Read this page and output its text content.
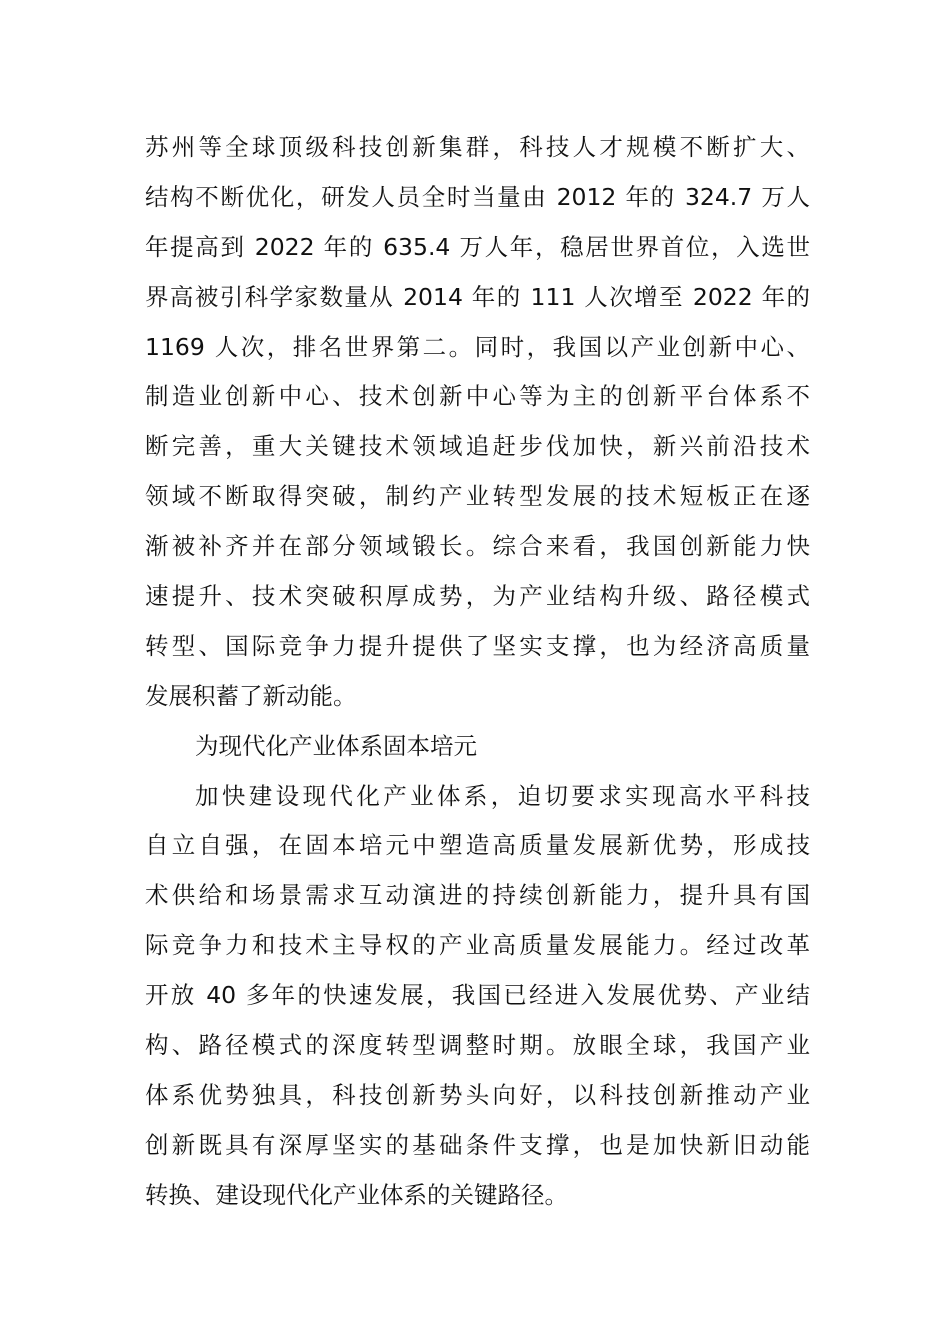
苏州等全球顶级科技创新集群，科技人才规模不断扩大、
结构不断优化，研发人员全时当量由 2012 年的 324.7 万人
年提高到 2022 年的 635.4 万人年，稳居世界首位，入选世
界高被引科学家数量从 2014 年的 111 人次增至 2022 年的
1169 人次，排名世界第二。同时，我国以产业创新中心、
制造业创新中心、技术创新中心等为主的创新平台体系不
断完善，重大关键技术领域追赶步伐加快，新兴前沿技术
领域不断取得突破，制约产业转型发展的技术短板正在逐
渐被补齐并在部分领域锻长。综合来看，我国创新能力快
速提升、技术突破积厚成势，为产业结构升级、路径模式
转型、国际竞争力提升提供了坚实支撑，也为经济高质量
发展积蓄了新动能。
为现代化产业体系固本培元
加快建设现代化产业体系，迫切要求实现高水平科技
自立自强，在固本培元中塑造高质量发展新优势，形成技
术供给和场景需求互动演进的持续创新能力，提升具有国
际竞争力和技术主导权的产业高质量发展能力。经过改革
开放 40 多年的快速发展，我国已经进入发展优势、产业结
构、路径模式的深度转型调整时期。放眼全球，我国产业
体系优势独具，科技创新势头向好，以科技创新推动产业
创新既具有深厚坚实的基础条件支撑，也是加快新旧动能
转换、建设现代化产业体系的关键路径。
